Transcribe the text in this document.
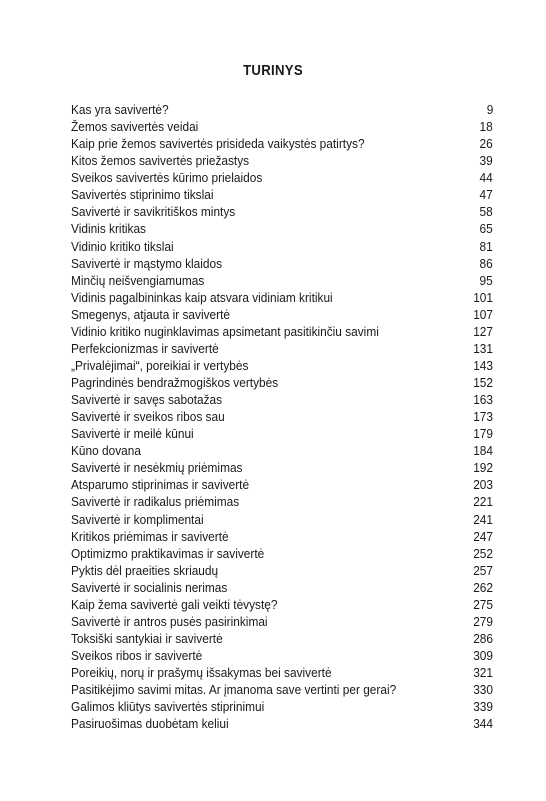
TURINYS
Kas yra savivertė?	9
Žemos savivertės veidai	18
Kaip prie žemos savivertės prisideda vaikystės patirtys?	26
Kitos žemos savivertės priežastys	39
Sveikos savivertės kūrimo prielaidos	44
Savivertės stiprinimo tikslai	47
Savivertė ir savikritiškos mintys	58
Vidinis kritikas	65
Vidinio kritiko tikslai	81
Savivertė ir mąstymo klaidos	86
Minčių neišvengiamumas	95
Vidinis pagalbininkas kaip atsvara vidiniam kritikui	101
Smegenys, atjauta ir savivertė	107
Vidinio kritiko nuginklavimas apsimetant pasitikinčiu savimi	127
Perfekcionizmas ir savivertė	131
„Privalėjimai“, poreikiai ir vertybės	143
Pagrindinės bendražmogiškos vertybės	152
Savivertė ir savęs sabotažas	163
Savivertė ir sveikos ribos sau	173
Savivertė ir meilė kūnui	179
Kūno dovana	184
Savivertė ir nesėkmių priėmimas	192
Atsparumo stiprinimas ir savivertė	203
Savivertė ir radikalus priėmimas	221
Savivertė ir komplimentai	241
Kritikos priėmimas ir savivertė	247
Optimizmo praktikavimas ir savivertė	252
Pyktis dėl praeities skriaudų	257
Savivertė ir socialinis nerimas	262
Kaip žema savivertė gali veikti tėvystę?	275
Savivertė ir antros pusės pasirinkimai	279
Toksiški santykiai ir savivertė	286
Sveikos ribos ir savivertė	309
Poreikių, norų ir prašymų išsakymas bei savivertė	321
Pasitikėjimo savimi mitas. Ar įmanoma save vertinti per gerai?	330
Galimos kliūtys savivertės stiprinimui	339
Pasiruošimas duobėtam keliui	344
